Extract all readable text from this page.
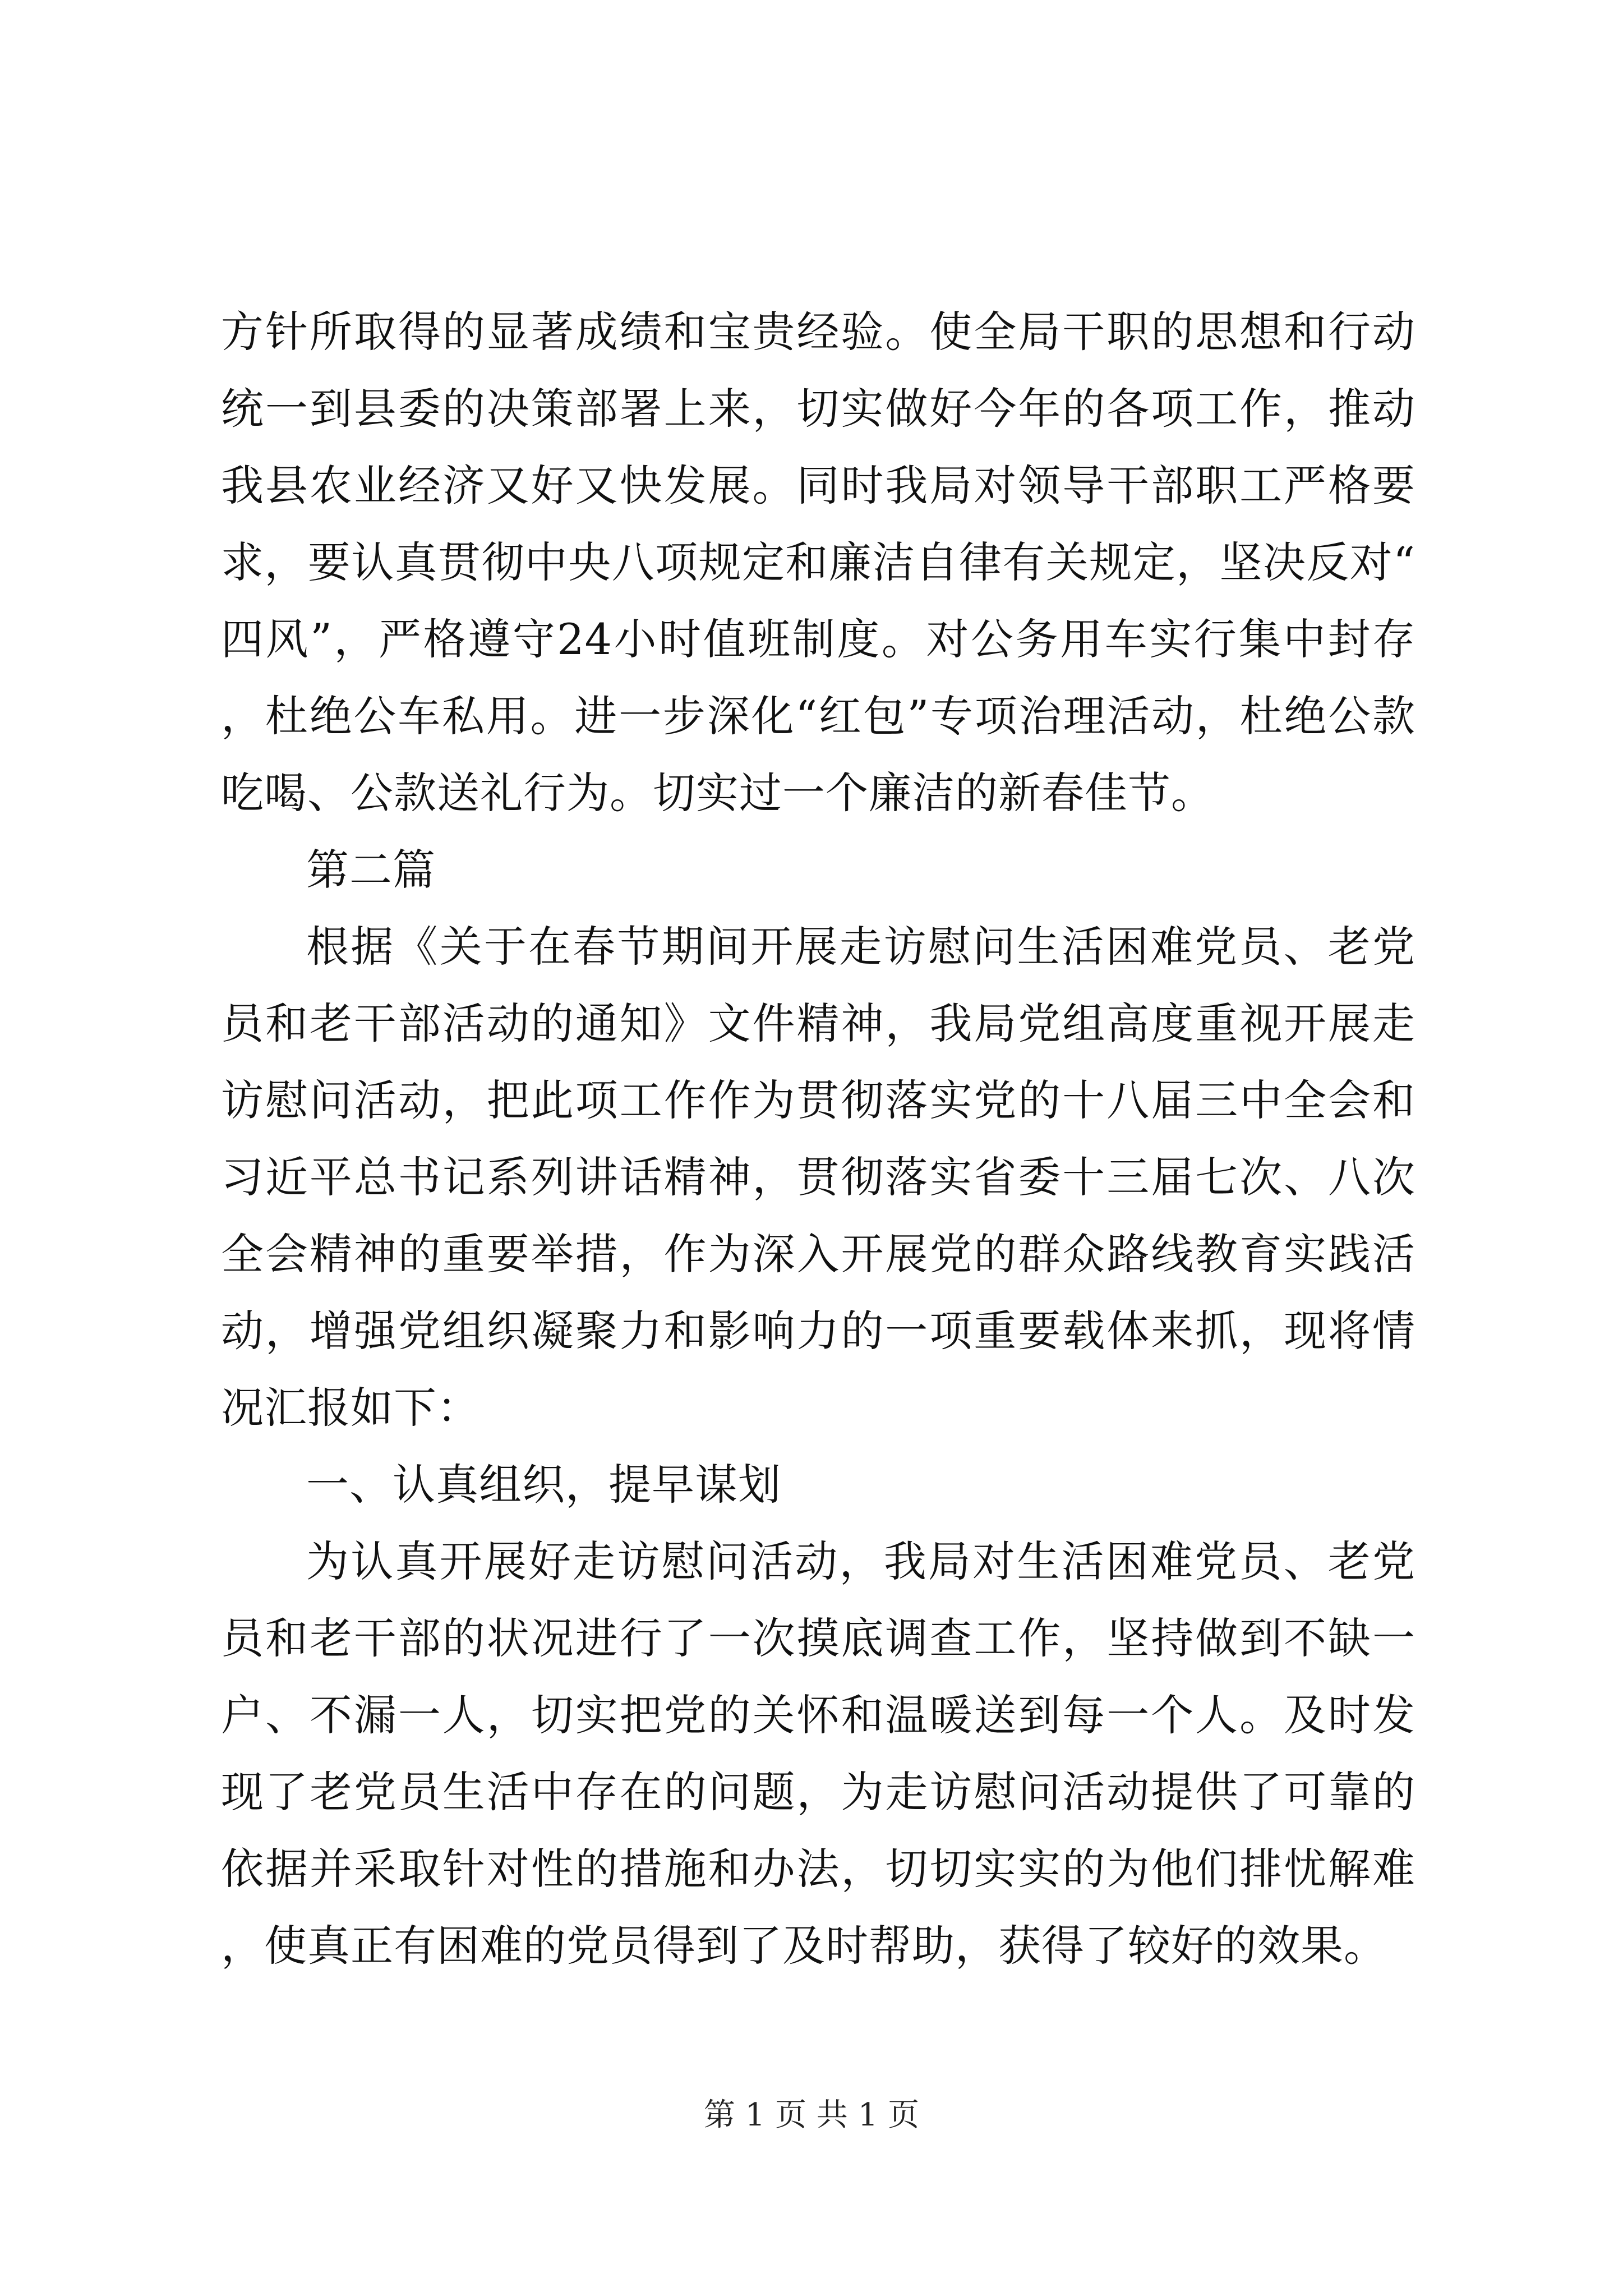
方针所取得的显著成绩和宝贵经验。使全局干职的思想和行动统一到县委的决策部署上来，切实做好今年的各项工作，推动我县农业经济又好又快发展。同时我局对领导干部职工严格要求，要认真贯彻中央八项规定和廉洁自律有关规定，坚决反对“四风”，严格遵守24小时值班制度。对公务用车实行集中封存，杜绝公车私用。进一步深化“红包”专项治理活动，杜绝公款吃喝、公款送礼行为。切实过一个廉洁的新春佳节。

第二篇

根据《关于在春节期间开展走访慰问生活困难党员、老党员和老干部活动的通知》文件精神，我局党组高度重视开展走访慰问活动，把此项工作作为贯彻落实党的十八届三中全会和习近平总书记系列讲话精神，贯彻落实省委十三届七次、八次全会精神的重要举措，作为深入开展党的群众路线教育实践活动，增强党组织凝聚力和影响力的一项重要载体来抓，现将情况汇报如下：

一、认真组织，提早谋划

为认真开展好走访慰问活动，我局对生活困难党员、老党员和老干部的状况进行了一次摸底调查工作，坚持做到不缺一户、不漏一人，切实把党的关怀和温暖送到每一个人。及时发现了老党员生活中存在的问题，为走访慰问活动提供了可靠的依据并采取针对性的措施和办法，切切实实的为他们排忧解难，使真正有困难的党员得到了及时帮助，获得了较好的效果。

第 1 页 共 1 页
